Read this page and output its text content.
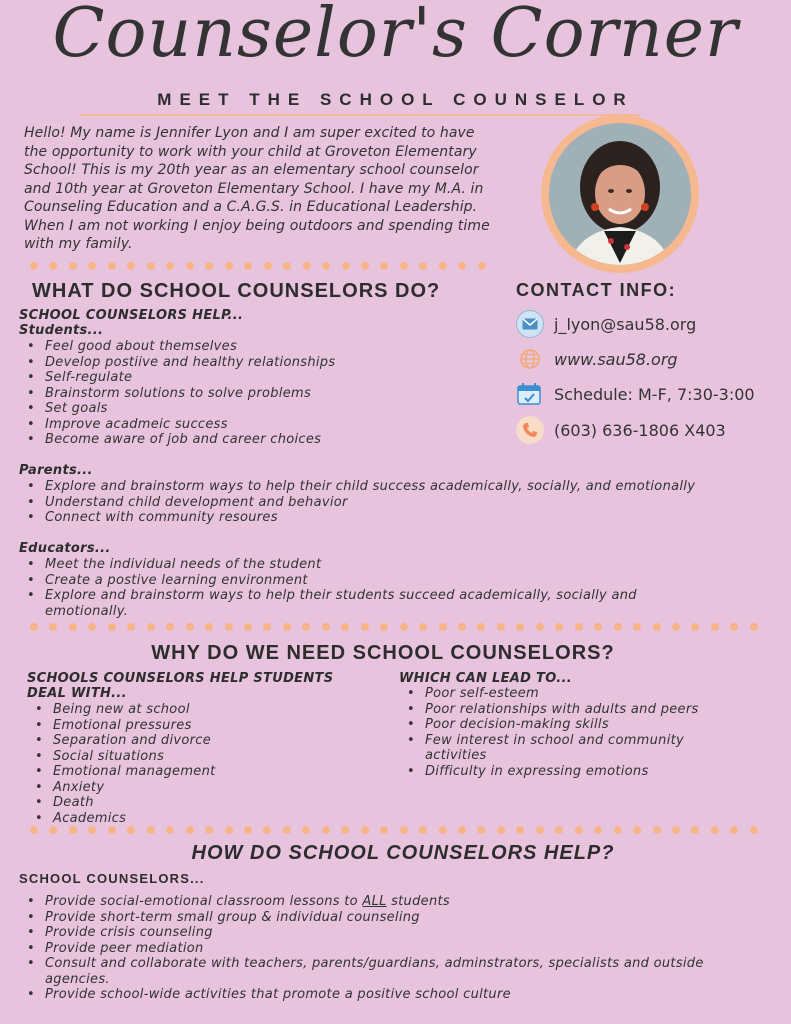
Counselor's Corner
MEET THE SCHOOL COUNSELOR
Hello! My name is Jennifer Lyon and I am super excited to have
the opportunity to work with your child at Groveton Elementary
School! This is my 20th year as an elementary school counselor
and 10th year at Groveton Elementary School. I have my M.A. in
Counseling Education and a C.A.G.S. in Educational Leadership.
When I am not working I enjoy being outdoors and spending time
with my family.
WHAT DO SCHOOL COUNSELORS DO?	CONTACT INFO:
SCHOOL COUNSELORS HELP...
Students...
• Feel good about themselves
• Develop postiive and healthy relationships
• Self-regulate
• Brainstorm solutions to solve problems
• Set goals
• Improve acadmeic success
• Become aware of job and career choices
Parents...
• Explore and brainstorm ways to help their child success academically, socially, and emotionally
• Understand child development and behavior
• Connect with community resoures
Educators...
• Meet the individual needs of the student
• Create a postive learning environment
• Explore and brainstorm ways to help their students succeed academically, socially and emotionally.
j_lyon@sau58.org
www.sau58.org
Schedule: M-F, 7:30-3:00
(603) 636-1806 X403
WHY DO WE NEED SCHOOL COUNSELORS?
SCHOOLS COUNSELORS HELP STUDENTS
DEAL WITH...
• Being new at school
• Emotional pressures
• Separation and divorce
• Social situations
• Emotional management
• Anxiety
• Death
• Academics
WHICH CAN LEAD TO...
• Poor self-esteem
• Poor relationships with adults and peers
• Poor decision-making skills
• Few interest in school and community activities
• Difficulty in expressing emotions
HOW DO SCHOOL COUNSELORS HELP?
SCHOOL COUNSELORS...
• Provide social-emotional classroom lessons to ALL students
• Provide short-term small group & individual counseling
• Provide crisis counseling
• Provide peer mediation
• Consult and collaborate with teachers, parents/guardians, adminstrators, specialists and outside agencies.
• Provide school-wide activities that promote a positive school culture
